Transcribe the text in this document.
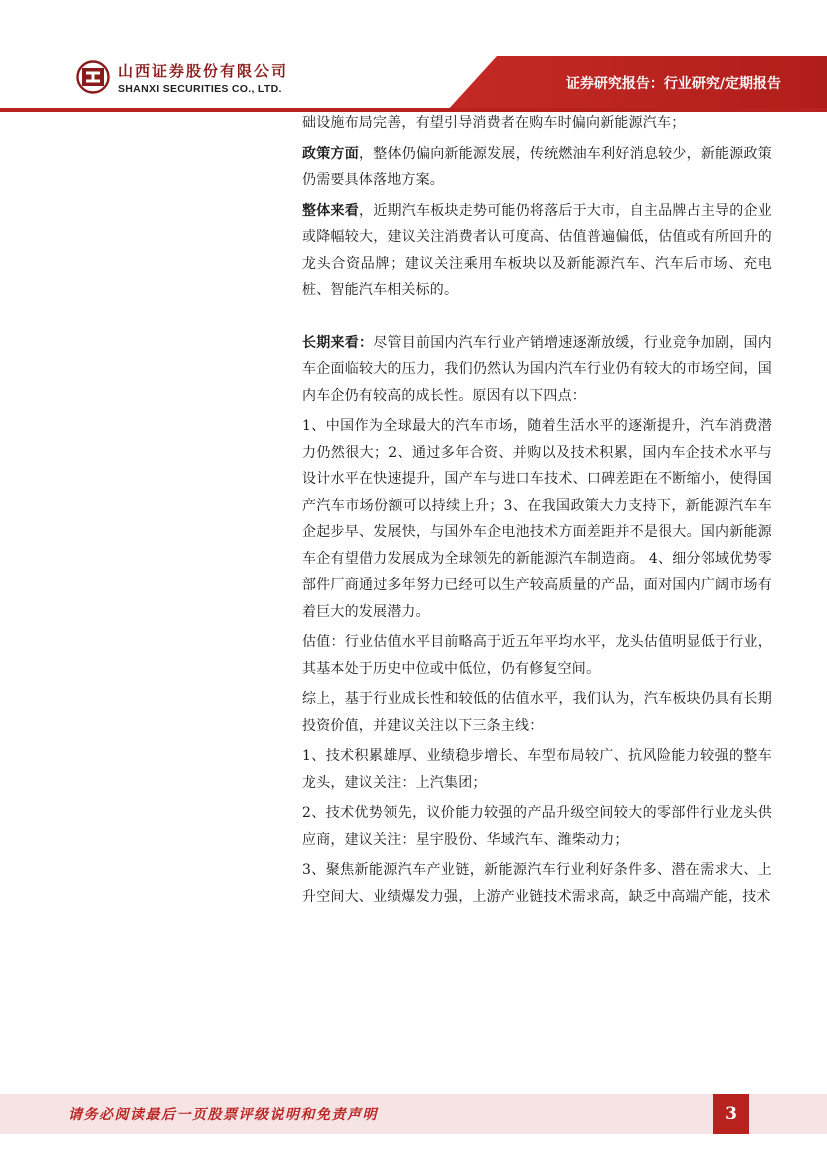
山西证券股份有限公司
SHANXI SECURITIES CO., LTD.	证券研究报告：行业研究/定期报告

础设施布局完善，有望引导消费者在购车时偏向新能源汽车；

政策方面，整体仍偏向新能源发展，传统燃油车利好消息较少，新能源政策仍需要具体落地方案。

整体来看，近期汽车板块走势可能仍将落后于大市，自主品牌占主导的企业或降幅较大，建议关注消费者认可度高、估值普遍偏低，估值或有所回升的龙头合资品牌；建议关注乘用车板块以及新能源汽车、汽车后市场、充电桩、智能汽车相关标的。

长期来看：尽管目前国内汽车行业产销增速逐渐放缓，行业竞争加剧，国内车企面临较大的压力，我们仍然认为国内汽车行业仍有较大的市场空间，国内车企仍有较高的成长性。原因有以下四点：

1、中国作为全球最大的汽车市场，随着生活水平的逐渐提升，汽车消费潜力仍然很大；2、通过多年合资、并购以及技术积累，国内车企技术水平与设计水平在快速提升，国产车与进口车技术、口碑差距在不断缩小，使得国产汽车市场份额可以持续上升；3、在我国政策大力支持下，新能源汽车车企起步早、发展快，与国外车企电池技术方面差距并不是很大。国内新能源车企有望借力发展成为全球领先的新能源汽车制造商。 4、细分邻域优势零部件厂商通过多年努力已经可以生产较高质量的产品，面对国内广阔市场有着巨大的发展潜力。

估值：行业估值水平目前略高于近五年平均水平，龙头估值明显低于行业，其基本处于历史中位或中低位，仍有修复空间。

综上，基于行业成长性和较低的估值水平，我们认为，汽车板块仍具有长期投资价值，并建议关注以下三条主线：

1、技术积累雄厚、业绩稳步增长、车型布局较广、抗风险能力较强的整车龙头，建议关注：上汽集团；

2、技术优势领先，议价能力较强的产品升级空间较大的零部件行业龙头供应商，建议关注：星宇股份、华域汽车、潍柴动力；

3、聚焦新能源汽车产业链，新能源汽车行业利好条件多、潜在需求大、上升空间大、业绩爆发力强，上游产业链技术需求高，缺乏中高端产能，技术

请务必阅读最后一页股票评级说明和免责声明	3
